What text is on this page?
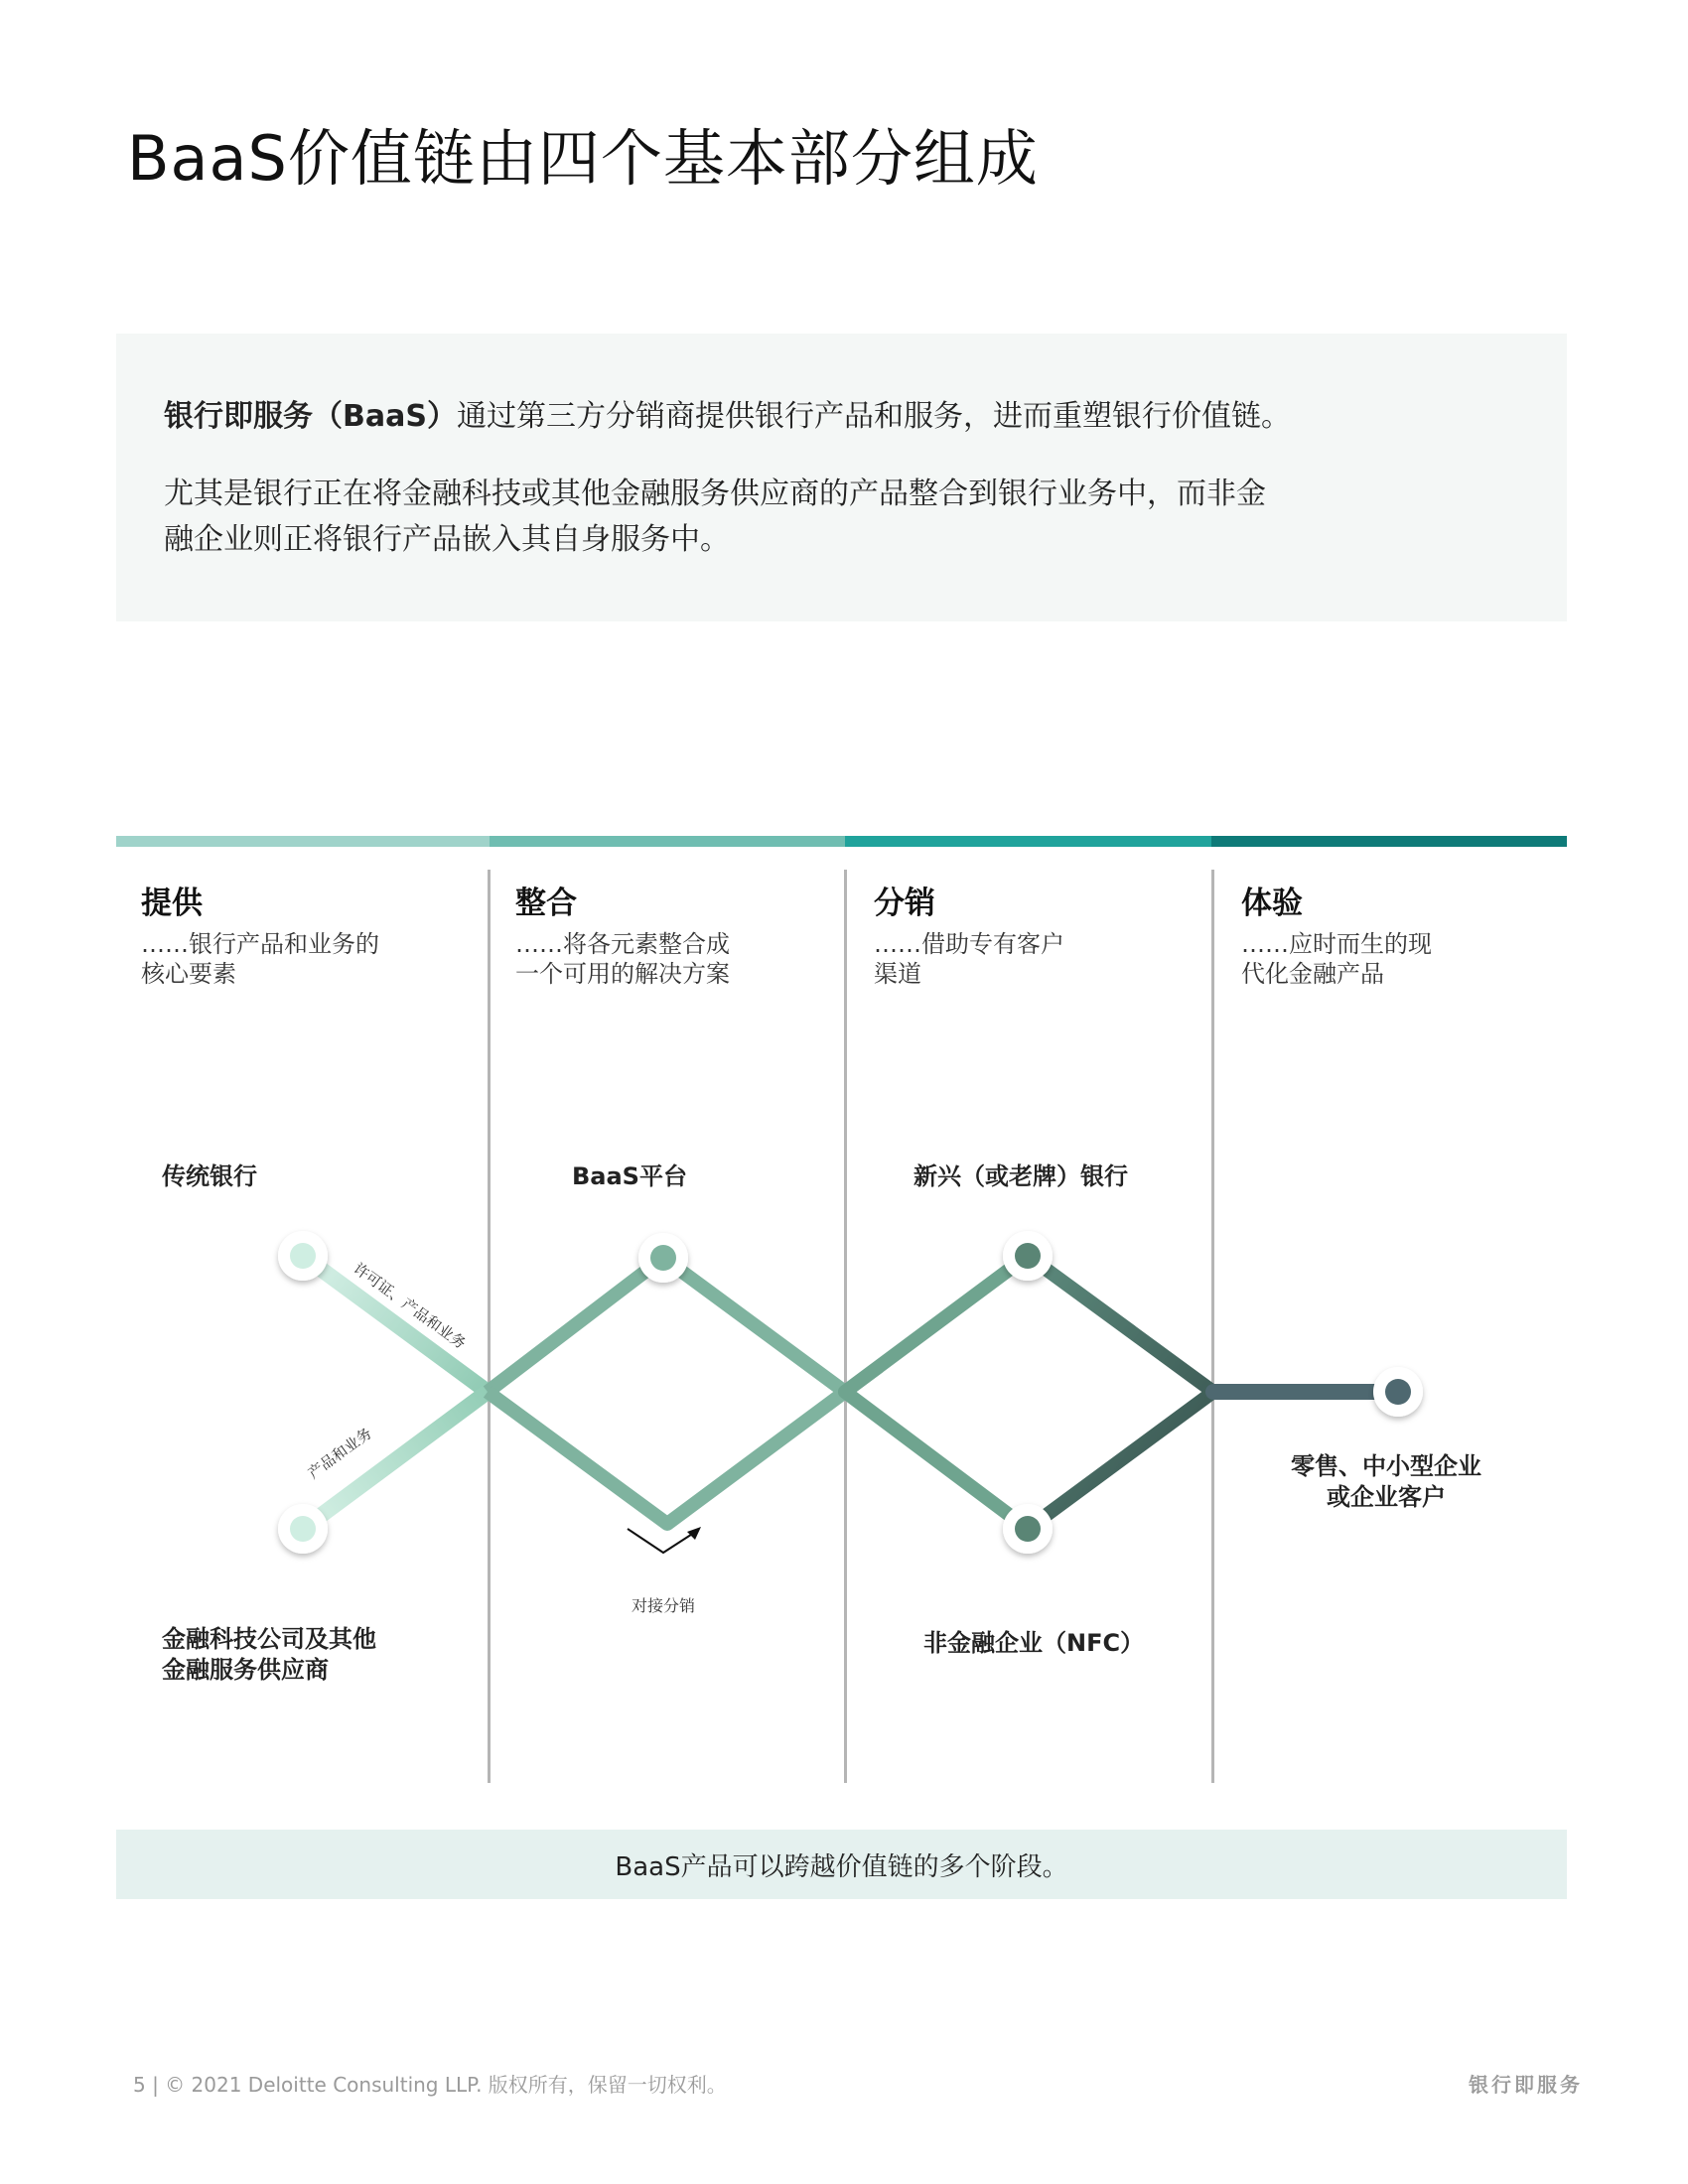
BaaS价值链由四个基本部分组成
银行即服务（BaaS）通过第三方分销商提供银行产品和服务，进而重塑银行价值链。
尤其是银行正在将金融科技或其他金融服务供应商的产品整合到银行业务中，而非金
融企业则正将银行产品嵌入其自身服务中。
提供
……银行产品和业务的
核心要素
整合
……将各元素整合成
一个可用的解决方案
分销
……借助专有客户
渠道
体验
……应时而生的现
代化金融产品
许可证、产品和业务
产品和业务
对接分销
传统银行
金融科技公司及其他
金融服务供应商
BaaS平台	新兴（或老牌）银行
非金融企业（NFC）
零售、中小型企业
或企业客户
BaaS产品可以跨越价值链的多个阶段。
5 | © 2021 Deloitte Consulting LLP. 版权所有，保留一切权利。	银行即服务
